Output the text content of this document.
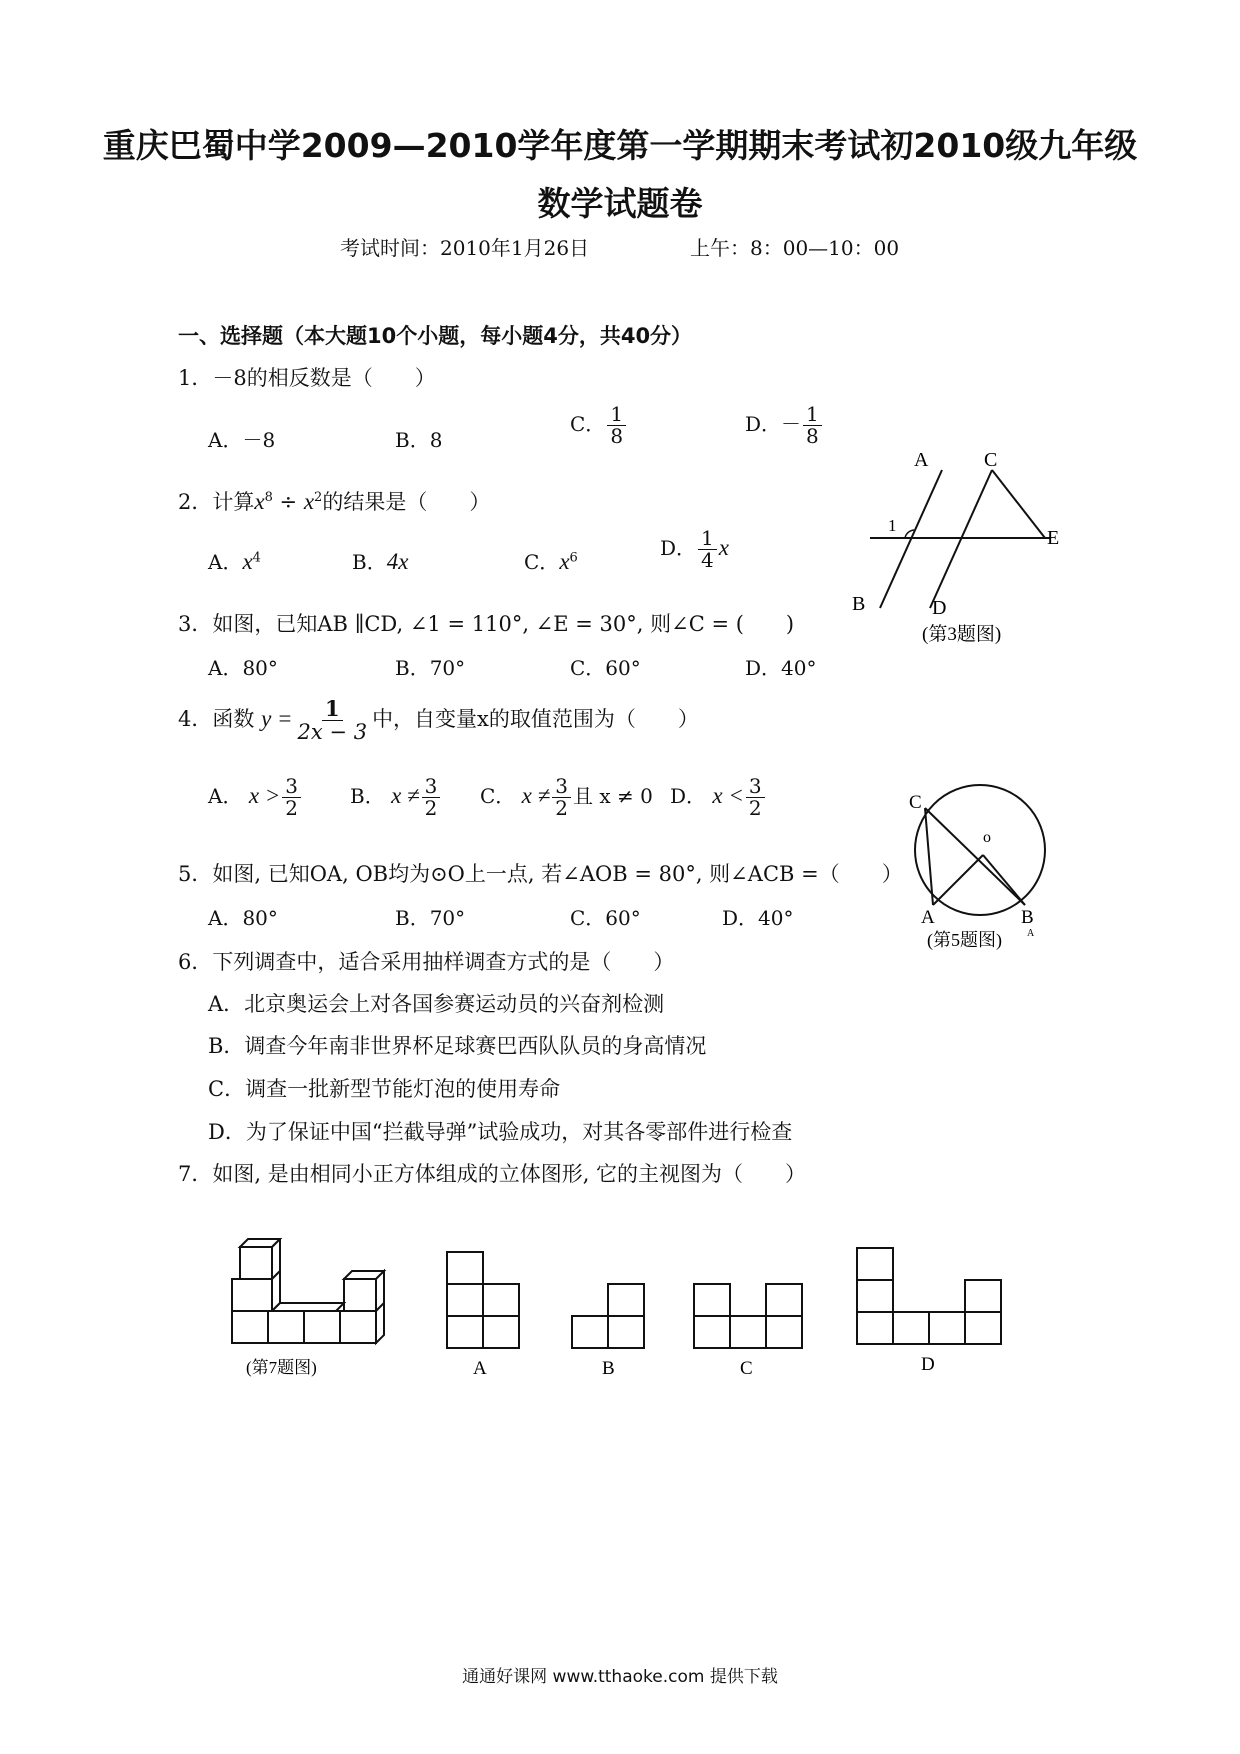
重庆巴蜀中学2009—2010学年度第一学期期末考试初2010级九年级
数学试题卷
考试时间：2010年1月26日	上午：8：00—10：00
一、选择题（本大题10个小题，每小题4分，共40分）
1．－8的相反数是（　　）
A．－8	B．8
C． $\frac{1}{8}$	D．－ $\frac{1}{8}$
2．计算$x^8 \div x^2$的结果是（　　）
A．$x^4$	B．4x	C．$x^6$	D． $\frac{1}{4}$ x
3．如图，已知AB ∥CD, ∠1 = 110°, ∠E = 30°, 则∠C = (　　)
A．80°	B．70°	C．60°	D．40°
A	C
1
E
B	D
(第3题图)
4．函数 $y = \frac{1}{2x - 3}$ 中，自变量x的取值范围为（　　）
A． $x > \frac{3}{2}$ B． $x \ne \frac{3}{2}$ C． $x \ne \frac{3}{2}$ 且 x ≠ 0 D． $x < \frac{3}{2}$
5．如图, 已知OA, OB均为⊙O上一点, 若∠AOB = 80°, 则∠ACB =（　　）
A．80°	B．70°	C．60°	D．40°
C
o
A	B
(第5题图)	A
6．下列调查中，适合采用抽样调查方式的是（　　）
A．北京奥运会上对各国参赛运动员的兴奋剂检测
B．调查今年南非世界杯足球赛巴西队队员的身高情况
C．调查一批新型节能灯泡的使用寿命
D．为了保证中国“拦截导弹”试验成功，对其各零部件进行检查
7．如图, 是由相同小正方体组成的立体图形, 它的主视图为（　　）
(第7题图)	A	B	C	D
通通好课网 www.tthaoke.com 提供下载
